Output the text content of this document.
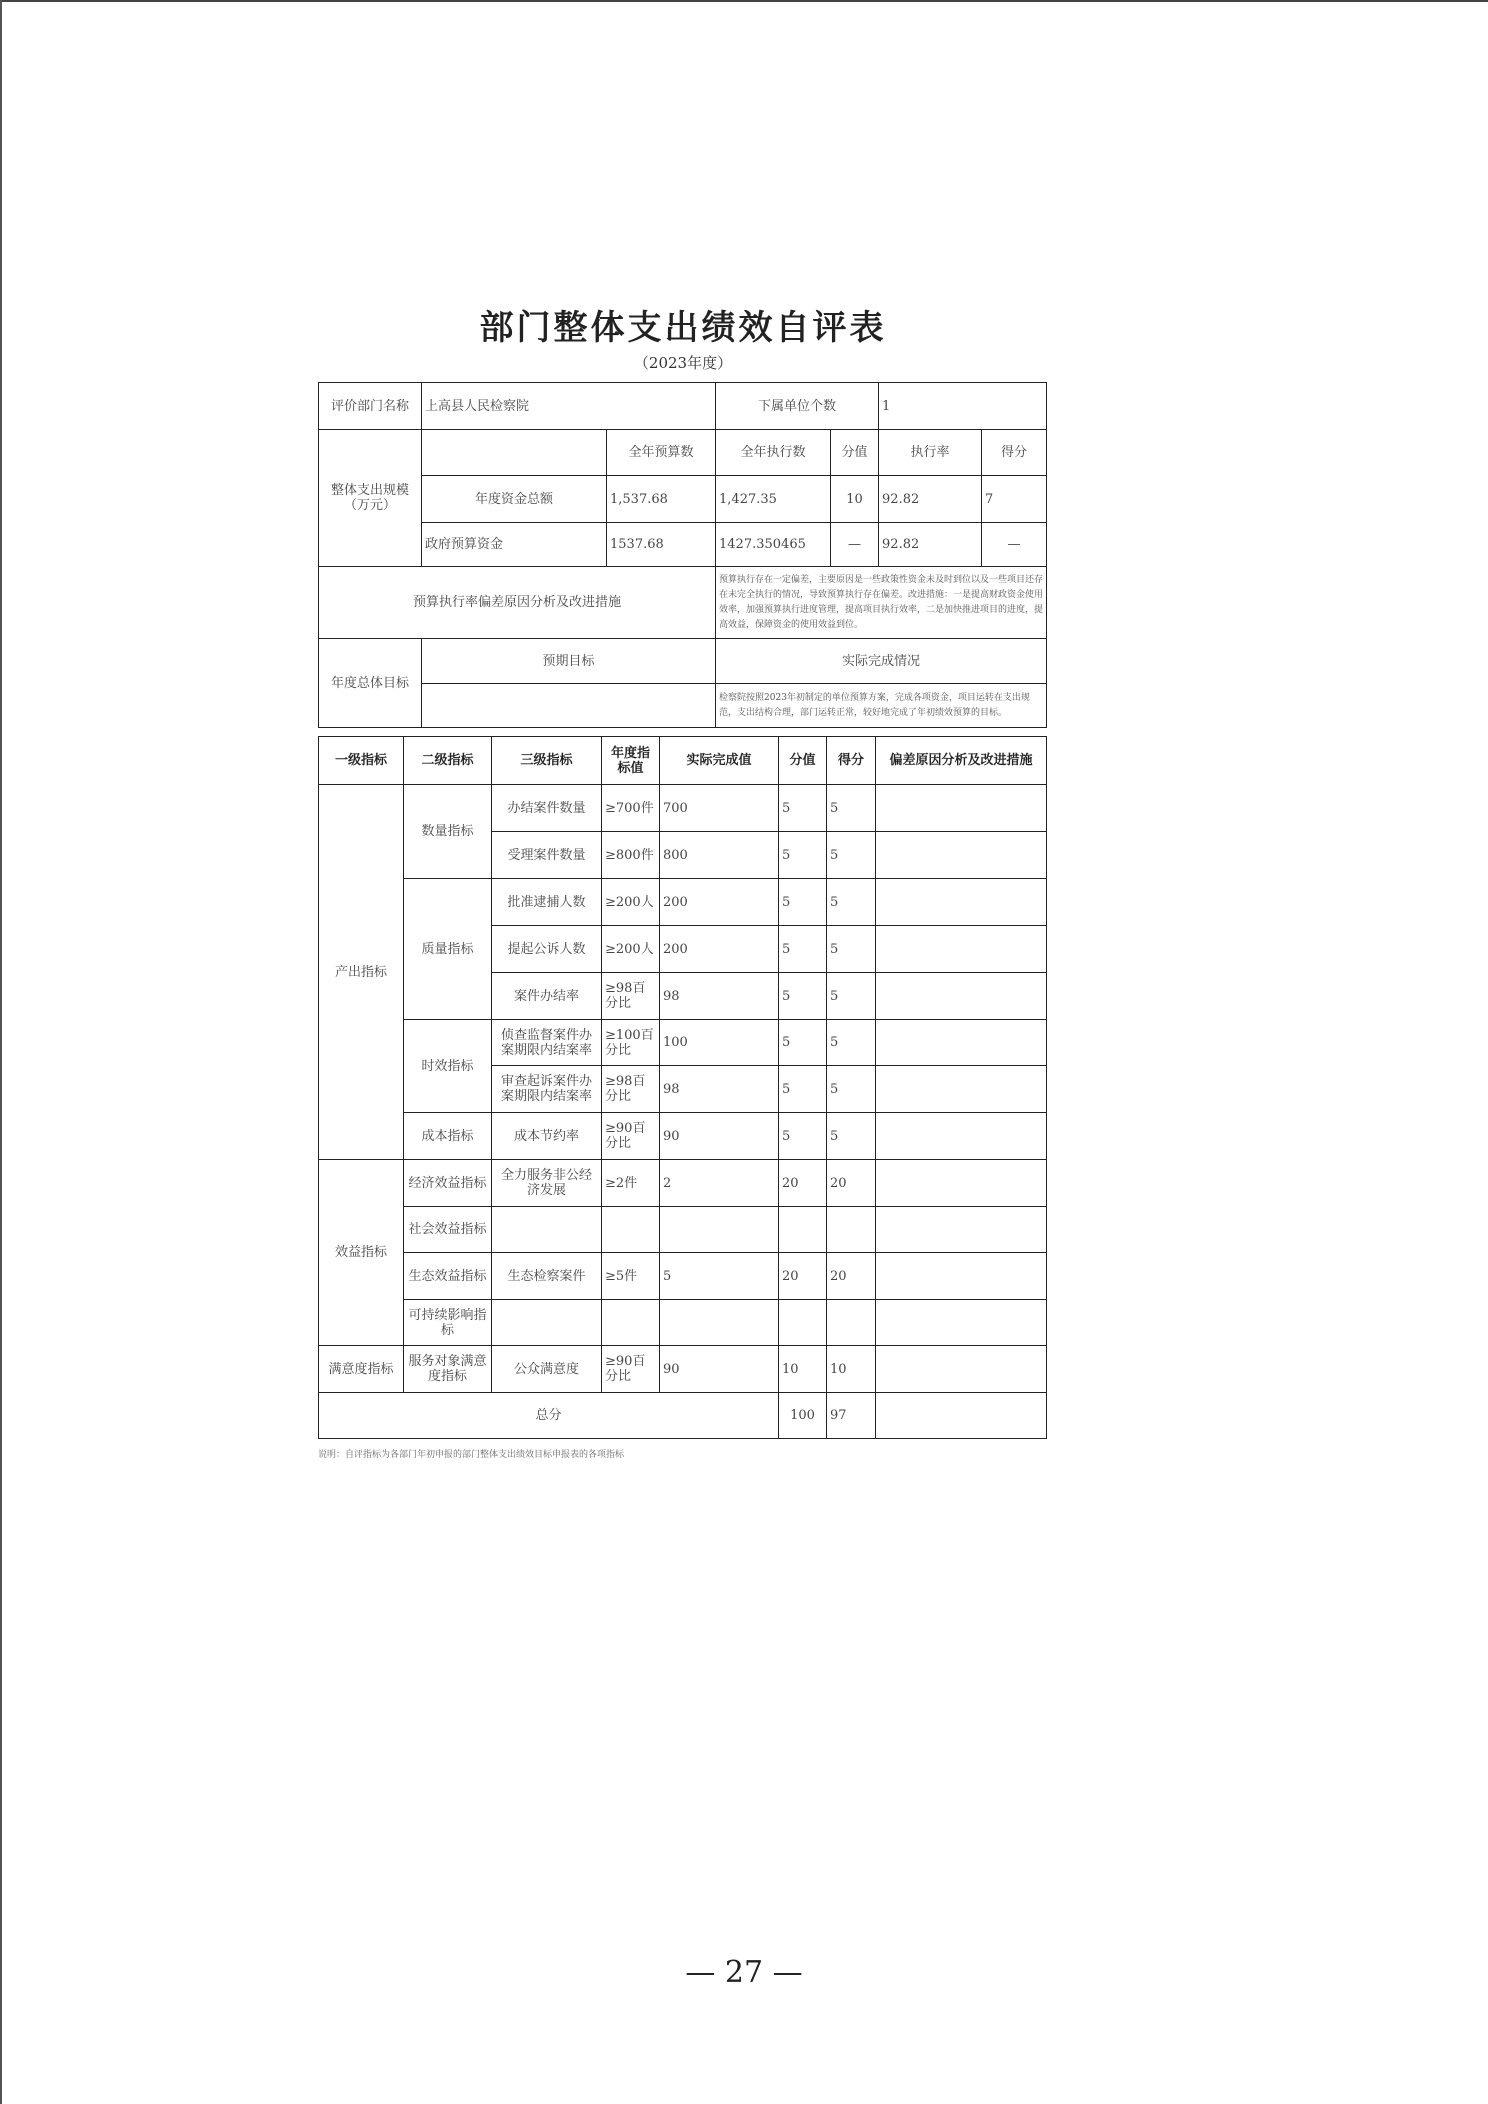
部门整体支出绩效自评表
（2023年度）
评价部门名称	上高县人民检察院		下属单位个数		1	
整体支出规模（万元）		全年预算数	全年执行数	分值	执行率	得分
	年度资金总额	1,537.68	1,427.35	10	92.82	7
	政府预算资金	1537.68	1427.350465	—	92.82	—
预算执行率偏差原因分析及改进措施			预算执行存在一定偏差，主要原因是一些政策性资金未及时到位以及一些项目还存在未完全执行的情况，导致预算执行存在偏差。改进措施：一是提高财政资金使用效率，加强预算执行进度管理，提高项目执行效率，二是加快推进项目的进度，提高效益，保障资金的使用效益到位。			
年度总体目标	预期目标		实际完成情况			
			检察院按照2023年初制定的单位预算方案，完成各项资金，项目运转在支出规范，支出结构合理，部门运转正常，较好地完成了年初绩效预算的目标。			
一级指标	二级指标	三级指标	年度指标值	实际完成值	分值	得分	偏差原因分析及改进措施
产出指标	数量指标	办结案件数量	≥700件	700	5	5	
		受理案件数量	≥800件	800	5	5	
	质量指标	批准逮捕人数	≥200人	200	5	5	
		提起公诉人数	≥200人	200	5	5	
		案件办结率	≥98百分比	98	5	5	
	时效指标	侦查监督案件办案期限内结案率	≥100百分比	100	5	5	
		审查起诉案件办案期限内结案率	≥98百分比	98	5	5	
	成本指标	成本节约率	≥90百分比	90	5	5	
效益指标	经济效益指标	全力服务非公经济发展	≥2件	2	20	20	
	社会效益指标						
	生态效益指标	生态检察案件	≥5件	5	20	20	
	可持续影响指标						
满意度指标	服务对象满意度指标	公众满意度	≥90百分比	90	10	10	
总分					100	97	
说明：自评指标为各部门年初申报的部门整体支出绩效目标申报表的各项指标
— 27 —
